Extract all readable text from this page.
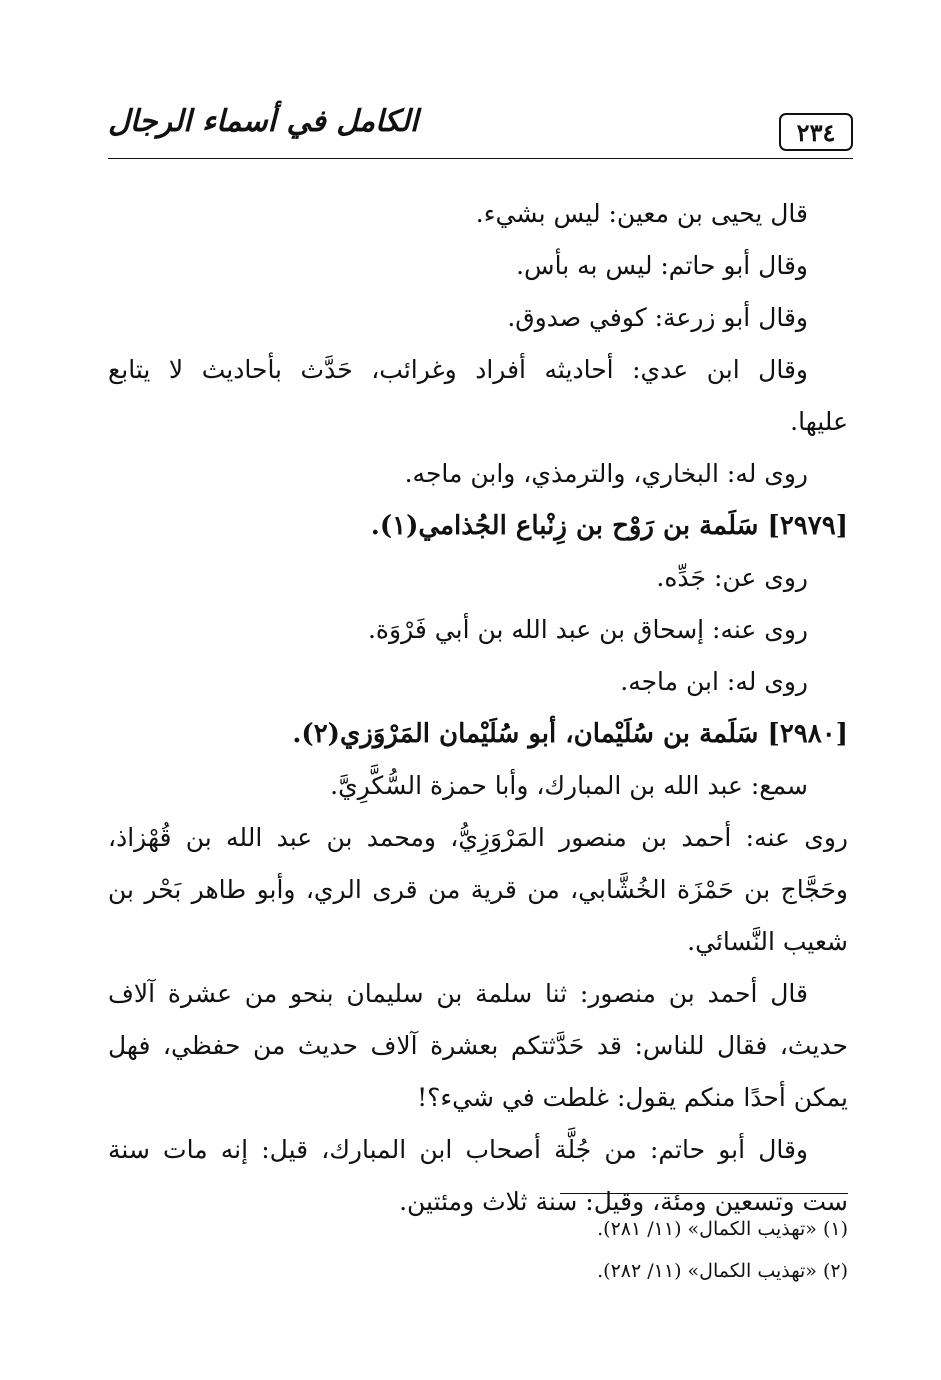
٢٣٤
الكامل في أسماء الرجال
قال يحيى بن معين: ليس بشيء.
وقال أبو حاتم: ليس به بأس.
وقال أبو زرعة: كوفي صدوق.
وقال ابن عدي: أحاديثه أفراد وغرائب، حَدَّث بأحاديث لا يتابع
عليها.
روى له: البخاري، والترمذي، وابن ماجه.
[٢٩٧٩] سَلَمة بن رَوْح بن زِنْباع الجُذامي(١).
روى عن: جَدِّه.
روى عنه: إسحاق بن عبد الله بن أبي فَرْوَة.
روى له: ابن ماجه.
[٢٩٨٠] سَلَمة بن سُلَيْمان، أبو سُلَيْمان المَرْوَزي(٢).
سمع: عبد الله بن المبارك، وأبا حمزة السُّكَّرِيَّ.
روى عنه: أحمد بن منصور المَرْوَزِيُّ، ومحمد بن عبد الله بن قُهْزاذ،
وحَجَّاج بن حَمْزَة الخُشَّابي، من قرية من قرى الري، وأبو طاهر بَحْر بن
شعيب النَّسائي.
قال أحمد بن منصور: ثنا سلمة بن سليمان بنحو من عشرة آلاف
حديث، فقال للناس: قد حَدَّثتكم بعشرة آلاف حديث من حفظي، فهل
يمكن أحدًا منكم يقول: غلطت في شيء؟!
وقال أبو حاتم: من جُلَّة أصحاب ابن المبارك، قيل: إنه مات سنة
ست وتسعين ومئة، وقيل: سنة ثلاث ومئتين.
(١) «تهذيب الكمال» (١١/ ٢٨١).
(٢) «تهذيب الكمال» (١١/ ٢٨٢).
